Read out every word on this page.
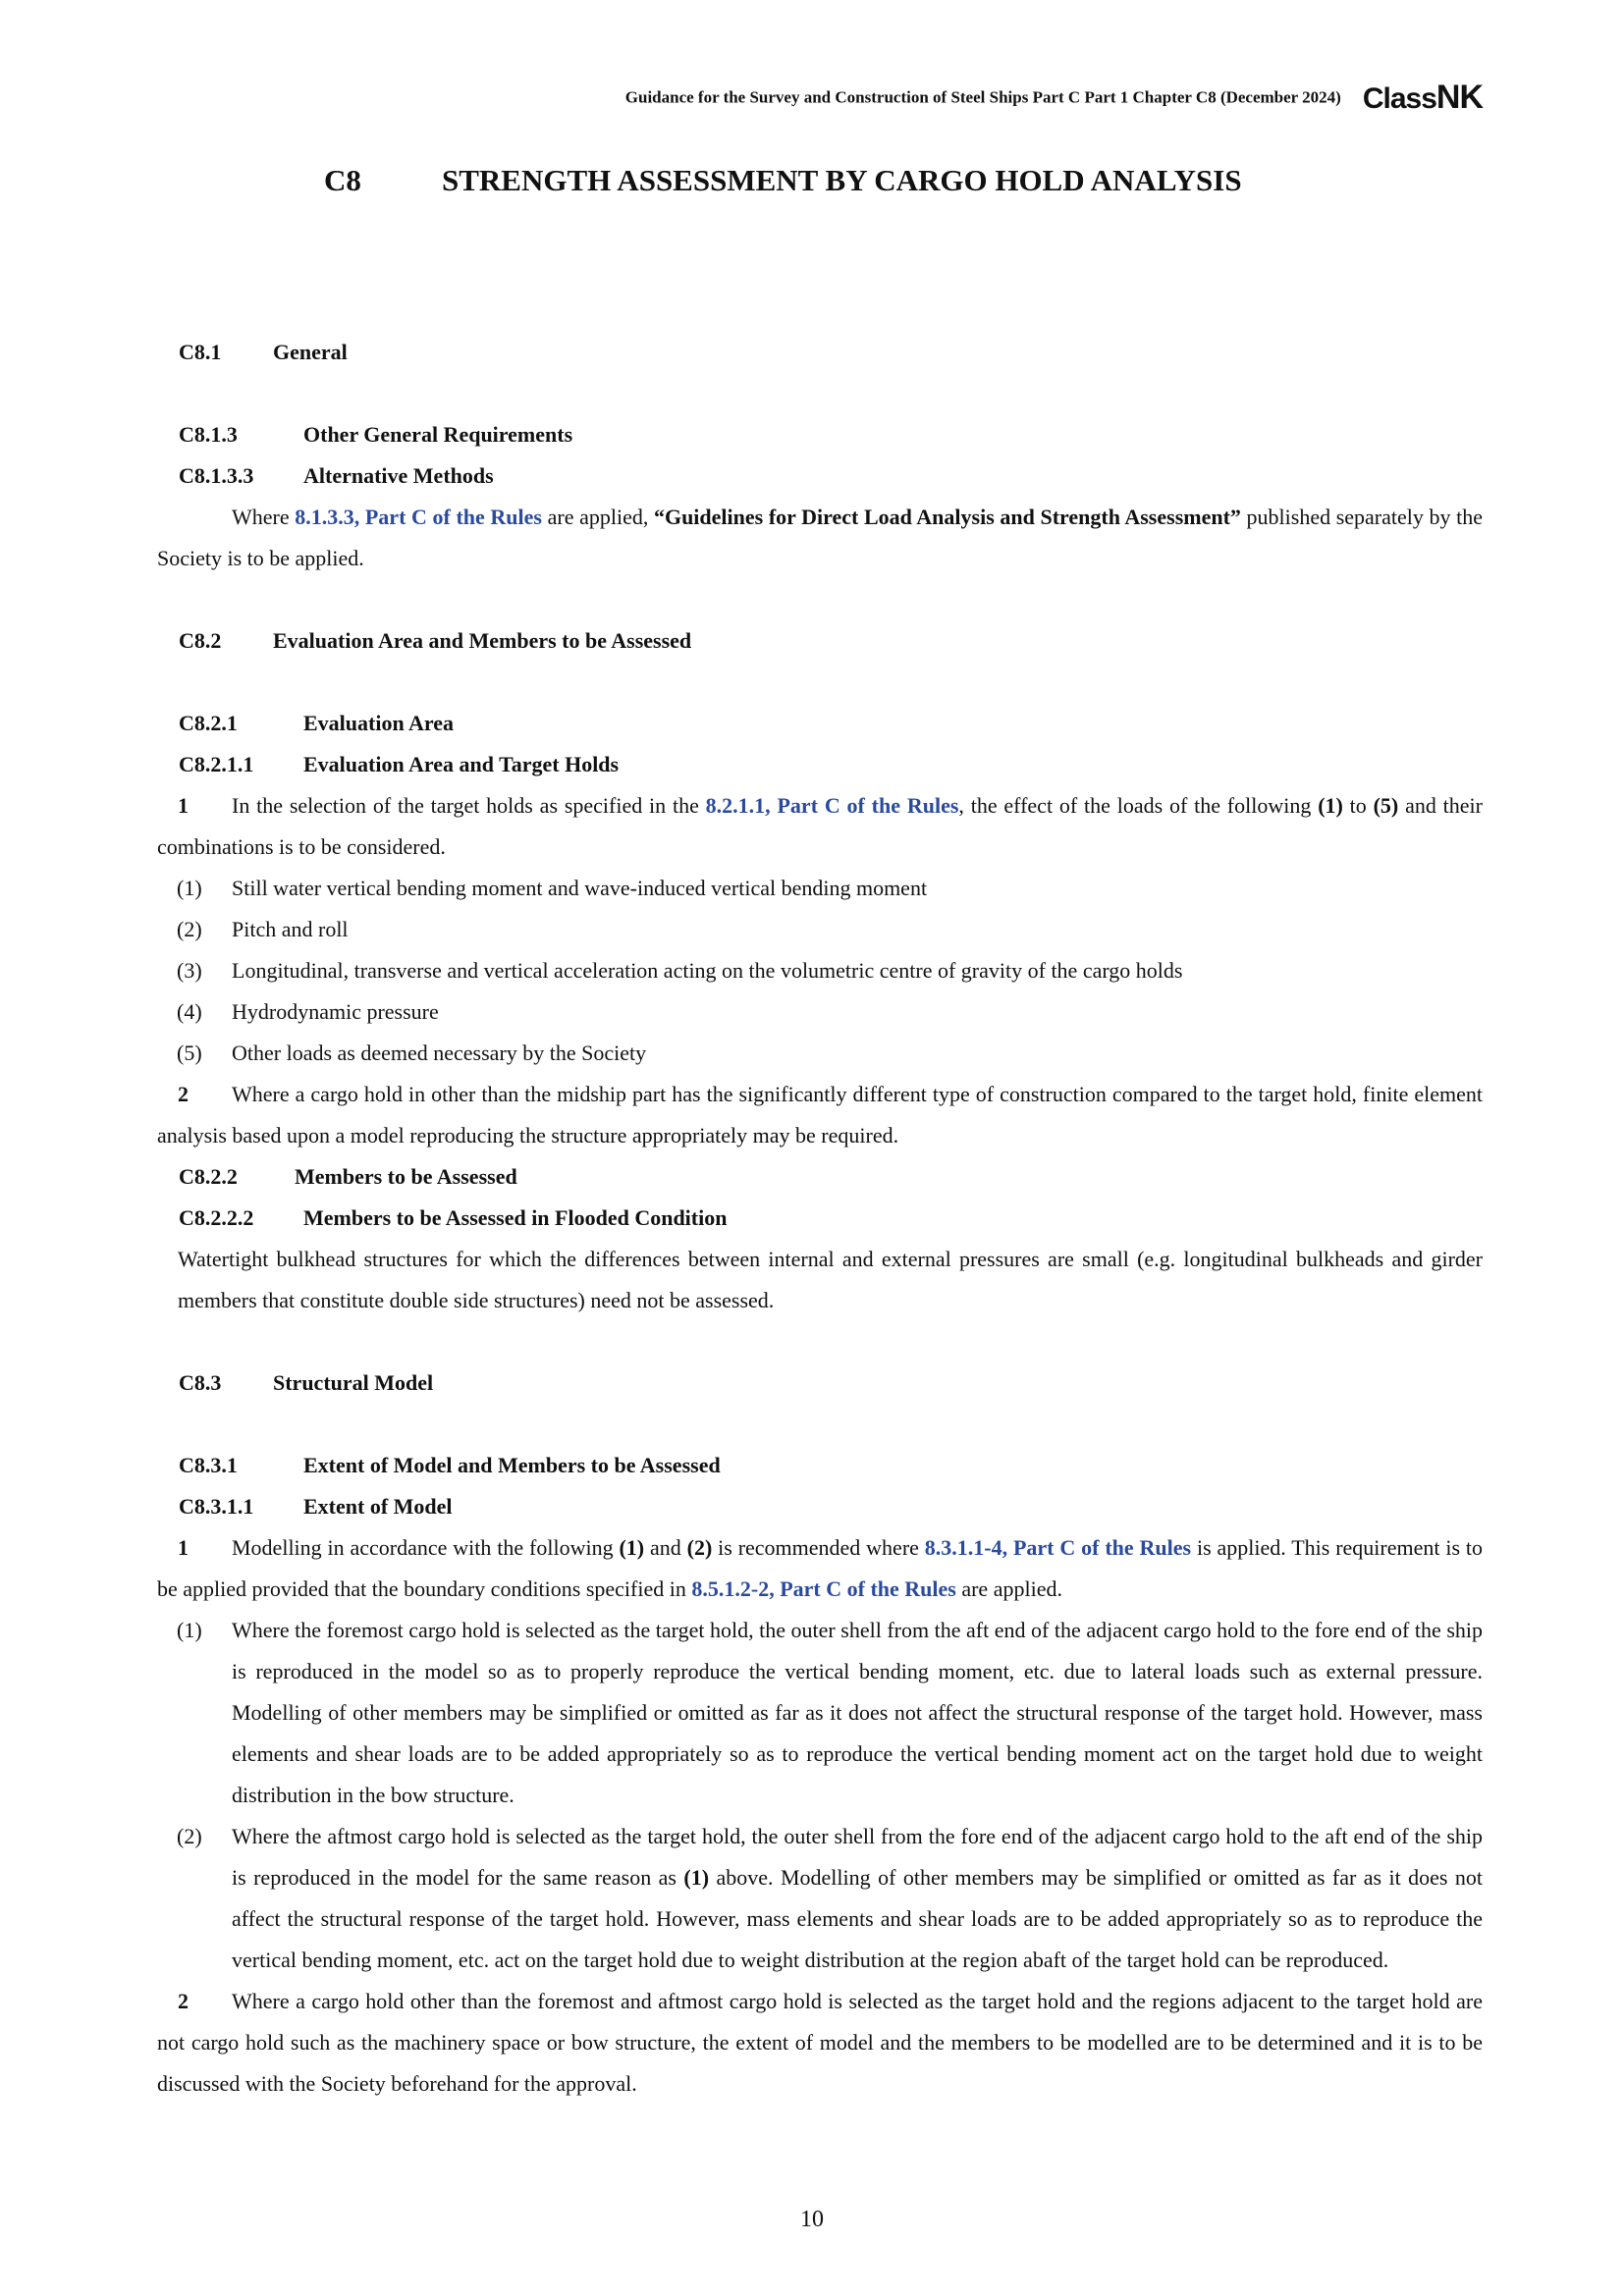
Guidance for the Survey and Construction of Steel Ships Part C Part 1 Chapter C8 (December 2024) ClassNK
C8	STRENGTH ASSESSMENT BY CARGO HOLD ANALYSIS
C8.1 General
C8.1.3	Other General Requirements
C8.1.3.3 Alternative Methods

Where 8.1.3.3, Part C of the Rules are applied, “Guidelines for Direct Load Analysis and Strength Assessment” published separately by the Society is to be applied.

C8.2 Evaluation Area and Members to be Assessed
C8.2.1	Evaluation Area
C8.2.1.1 Evaluation Area and Target Holds

1 In the selection of the target holds as specified in the 8.2.1.1, Part C of the Rules, the effect of the loads of the following (1) to (5) and their combinations is to be considered.

(1) Still water vertical bending moment and wave-induced vertical bending moment

(2) Pitch and roll

(3) Longitudinal, transverse and vertical acceleration acting on the volumetric centre of gravity of the cargo holds

(4) Hydrodynamic pressure

(5) Other loads as deemed necessary by the Society

2 Where a cargo hold in other than the midship part has the significantly different type of construction compared to the target hold, finite element analysis based upon a model reproducing the structure appropriately may be required.

C8.2.2	Members to be Assessed
C8.2.2.2 Members to be Assessed in Flooded Condition

Watertight bulkhead structures for which the differences between internal and external pressures are small (e.g. longitudinal bulkheads and girder members that constitute double side structures) need not be assessed.

C8.3 Structural Model
C8.3.1	Extent of Model and Members to be Assessed
C8.3.1.1 Extent of Model

1 Modelling in accordance with the following (1) and (2) is recommended where 8.3.1.1-4, Part C of the Rules is applied. This requirement is to be applied provided that the boundary conditions specified in 8.5.1.2-2, Part C of the Rules are applied.

(1) Where the foremost cargo hold is selected as the target hold, the outer shell from the aft end of the adjacent cargo hold to the fore end of the ship is reproduced in the model so as to properly reproduce the vertical bending moment, etc. due to lateral loads such as external pressure. Modelling of other members may be simplified or omitted as far as it does not affect the structural response of the target hold. However, mass elements and shear loads are to be added appropriately so as to reproduce the vertical bending moment act on the target hold due to weight distribution in the bow structure.

(2) Where the aftmost cargo hold is selected as the target hold, the outer shell from the fore end of the adjacent cargo hold to the aft end of the ship is reproduced in the model for the same reason as (1) above. Modelling of other members may be simplified or omitted as far as it does not affect the structural response of the target hold. However, mass elements and shear loads are to be added appropriately so as to reproduce the vertical bending moment, etc. act on the target hold due to weight distribution at the region abaft of the target hold can be reproduced.

2 Where a cargo hold other than the foremost and aftmost cargo hold is selected as the target hold and the regions adjacent to the target hold are not cargo hold such as the machinery space or bow structure, the extent of model and the members to be modelled are to be determined and it is to be discussed with the Society beforehand for the approval.

10
